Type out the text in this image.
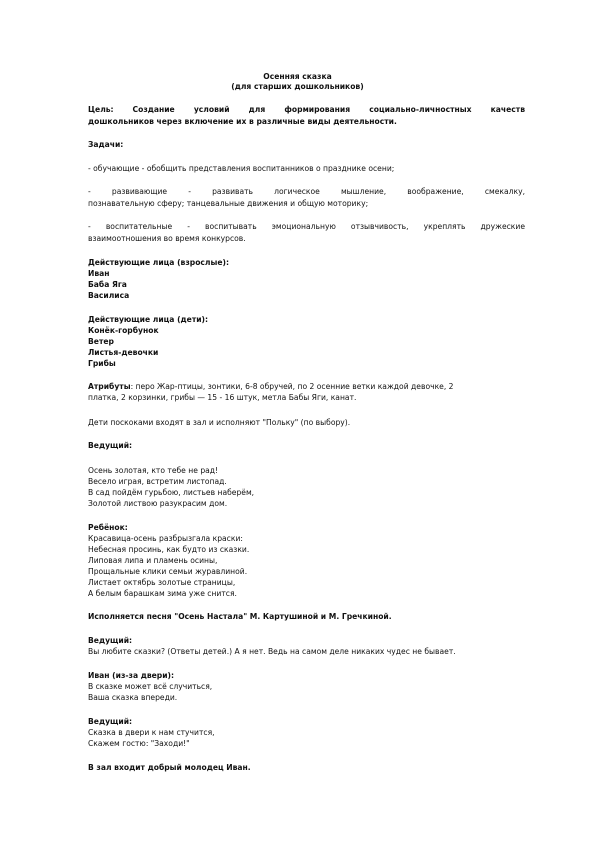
Осенняя сказка
(для старших дошкольников)
Цель: Создание условий для формирования социально-личностных качеств
дошкольников через включение их в различные виды деятельности.
Задачи:
- обучающие - обобщить представления воспитанников о празднике осени;
- развивающие - развивать логическое мышление, воображение, смекалку,
познавательную сферу; танцевальные движения и общую моторику;
- воспитательные - воспитывать эмоциональную отзывчивость, укреплять дружеские
взаимоотношения во время конкурсов.
Действующие лица (взрослые):
Иван
Баба Яга
Василиса
Действующие лица (дети):
Конёк-горбунок
Ветер
Листья-девочки
Грибы
Атрибуты: перо Жар-птицы, зонтики, 6-8 обручей, по 2 осенние ветки каждой девочке, 2
платка, 2 корзинки, грибы — 15 - 16 штук, метла Бабы Яги, канат.
Дети поскоками входят в зал и исполняют "Польку" (по выбору).
Ведущий:
Осень золотая, кто тебе не рад!
Весело играя, встретим листопад.
В сад пойдём гурьбою, листьев наберём,
Золотой листвою разукрасим дом.
Ребёнок:
Красавица-осень разбрызгала краски:
Небесная просинь, как будто из сказки.
Липовая липа и пламень осины,
Прощальные клики семьи журавлиной.
Листает октябрь золотые страницы,
А белым барашкам зима уже снится.
Исполняется песня "Осень Настала" М. Картушиной и М. Гречкиной.
Ведущий:
Вы любите сказки? (Ответы детей.) А я нет. Ведь на самом деле никаких чудес не бывает.
Иван (из-за двери):
В сказке может всё случиться,
Ваша сказка впереди.
Ведущий:
Сказка в двери к нам стучится,
Скажем гостю: "Заходи!"
В зал входит добрый молодец Иван.
